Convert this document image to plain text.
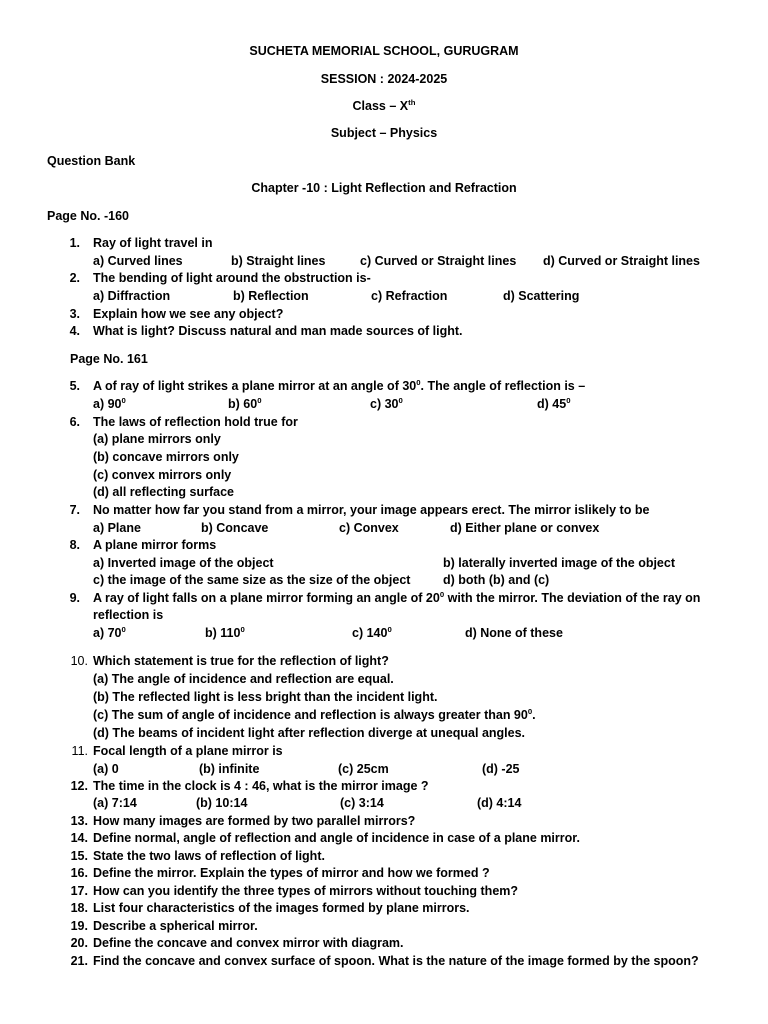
SUCHETA MEMORIAL SCHOOL, GURUGRAM
SESSION : 2024-2025
Class – Xth
Subject – Physics
Question Bank
Chapter -10 : Light Reflection and Refraction
Page No. -160
1. Ray of light travel in
a) Curved lines	b) Straight lines	c) Curved or Straight lines d) Curved or Straight lines
2. The bending of light around the obstruction is-
a) Diffraction	b) Reflection	c) Refraction	d) Scattering
3. Explain how we see any object?
4. What is light? Discuss natural and man made sources of light.
Page No. 161
5. A of ray of light strikes a plane mirror at an angle of $30^0$. The angle of reflection is –
a) $90^0$	b) $60^0$	c) $30^0$	d) $45^0$
6. The laws of reflection hold true for
(a) plane mirrors only
(b) concave mirrors only
(c) convex mirrors only
(d) all reflecting surface
7. No matter how far you stand from a mirror, your image appears erect. The mirror islikely to be
a) Plane	b) Concave	c) Convex	d) Either plane or convex
8. A plane mirror forms
a) Inverted image of the object	b) laterally inverted image of the object
c) the image of the same size as the size of the object	d) both (b) and (c)
9. A ray of light falls on a plane mirror forming an angle of $20^0$ with the mirror. The deviation of the ray on
reflection is
a) $70^0$	b) $110^0$	c) $140^0$	d) None of these
10. Which statement is true for the reflection of light?
(a) The angle of incidence and reflection are equal.
(b) The reflected light is less bright than the incident light.
(c) The sum of angle of incidence and reflection is always greater than $90^0$.
(d) The beams of incident light after reflection diverge at unequal angles.
11. Focal length of a plane mirror is
(a) 0	(b) infinite	(c) 25cm	(d) -25
12. The time in the clock is 4 : 46, what is the mirror image ?
(a) 7:14	(b) 10:14	(c) 3:14	(d) 4:14
13. How many images are formed by two parallel mirrors?
14. Define normal, angle of reflection and angle of incidence in case of a plane mirror.
15. State the two laws of reflection of light.
16. Define the mirror. Explain the types of mirror and how we formed ?
17. How can you identify the three types of mirrors without touching them?
18. List four characteristics of the images formed by plane mirrors.
19. Describe a spherical mirror.
20. Define the concave and convex mirror with diagram.
21. Find the concave and convex surface of spoon. What is the nature of the image formed by the spoon?
